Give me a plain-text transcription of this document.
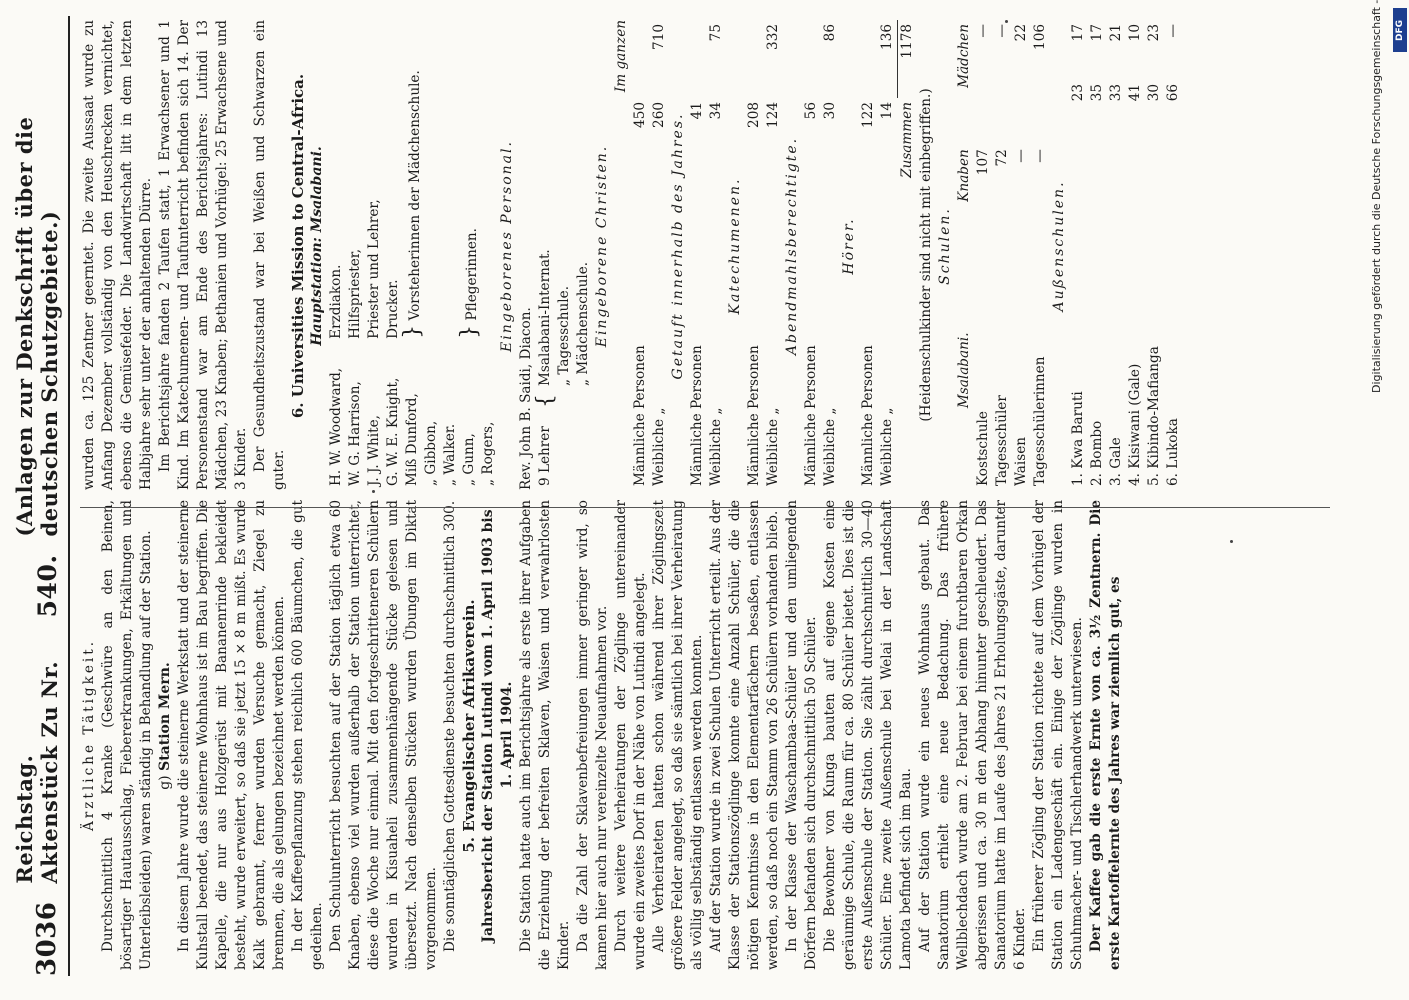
3036
Reichstag. Aktenstück Zu Nr.
540.
(Anlagen zur Denkschrift über die deutschen Schutzgebiete.)

Ärztliche Tätigkeit. Durchschnittlich 4 Kranke (Geschwüre an den Beinen, bösartiger Hautausschlag, Fiebererkrankungen, Erkältungen und Unterleibsleiden) waren ständig in Behandlung auf der Station. g) Station Mern. In diesem Jahre wurde die steinerne Werkstatt und der steinerne Kuhstall beendet, das steinerne Wohnhaus ist im Bau begriffen. Die Kapelle, die nur aus Holzgerüst mit Bananenrinde bekleidet besteht, wurde erweitert, so daß sie jetzt 15 × 8 m mißt. Es wurde Kalk gebrannt, ferner wurden Versuche gemacht, Ziegel zu brennen, die als gelungen bezeichnet werden können. In der Kaffeepflanzung stehen reichlich 600 Bäumchen, die gut gedeihen. Den Schulunterricht besuchten auf der Station täglich etwa 60 Knaben, ebenso viel wurden außerhalb der Station unterrichtet, diese die Woche nur einmal. Mit den fortgeschritteneren Schülern wurden in Kisuaheli zusammenhängende Stücke gelesen und übersetzt. Nach denselben Stücken wurden Übungen im Diktat vorgenommen. Die sonntäglichen Gottesdienste besuchten durchschnittlich 300. 5. Evangelischer Afrikaverein. Jahresbericht der Station Lutindi vom 1. April 1903 bis 1. April 1904. Die Station hatte auch im Berichtsjahre als erste ihrer Aufgaben die Erziehung der befreiten Sklaven, Waisen und verwahrlosten Kinder. Da die Zahl der Sklavenbefreiungen immer geringer wird, so kamen hier auch nur vereinzelte Neuaufnahmen vor. Durch weitere Verheiratungen der Zöglinge untereinander wurde ein zweites Dorf in der Nähe von Lutindi angelegt. Alle Verheirateten hatten schon während ihrer Zöglingszeit größere Felder angelegt, so daß sie sämtlich bei ihrer Verheiratung als völlig selbständig entlassen werden konnten. Auf der Station wurde in zwei Schulen Unterricht erteilt. Aus der Klasse der Stationszöglinge konnte eine Anzahl Schüler, die die nötigen Kenntnisse in den Elementarfächern besaßen, entlassen werden, so daß noch ein Stamm von 26 Schülern vorhanden blieb. In der Klasse der Waschambaa-Schüler und den umliegenden Dörfern befanden sich durchschnittlich 50 Schüler. Die Bewohner von Kunga bauten auf eigene Kosten eine geräumige Schule, die Raum für ca. 80 Schüler bietet. Dies ist die erste Außenschule der Station. Sie zählt durchschnittlich 30—40 Schüler. Eine zweite Außenschule bei Welai in der Landschaft Lamota befindet sich im Bau. Auf der Station wurde ein neues Wohnhaus gebaut. Das Sanatorium erhielt eine neue Bedachung. Das frühere Wellblechdach wurde am 2. Februar bei einem furchtbaren Orkan abgerissen und ca. 30 m den Abhang hinunter geschleudert. Das Sanatorium hatte im Laufe des Jahres 21 Erholungsgäste, darunter 6 Kinder. Ein früherer Zögling der Station richtete auf dem Vorhügel der Station ein Ladengeschäft ein. Einige der Zöglinge wurden in Schuhmacher- und Tischlerhandwerk unterwiesen. Der Kaffee gab die erste Ernte von ca. 3½ Zentnern. Die erste Kartoffelernte des Jahres war ziemlich gut, es

wurden ca. 125 Zentner geerntet. Die zweite Aussaat wurde zu Anfang Dezember vollständig von den Heuschrecken vernichtet, ebenso die Gemüsefelder. Die Landwirtschaft litt in dem letzten Halbjahre sehr unter der anhaltenden Dürre. Im Berichtsjahre fanden 2 Taufen statt, 1 Erwachsener und 1 Kind. Im Katechumenen- und Taufunterricht befinden sich 14. Der Personenstand war am Ende des Berichtsjahres: Lutindi 13 Mädchen, 23 Knaben; Bethanien und Vorhügel: 25 Erwachsene und 3 Kinder. Der Gesundheitszustand war bei Weißen und Schwarzen ein guter.

6. Universities Mission to Central-Africa. Hauptstation: Msalabani.

H. W. Woodward,	Erzdiakon.
W. G. Harrison,	Hilfspriester,
J. J. White,	Priester und Lehrer,
G. W. E. Knight,	Drucker.

Miß Dunford, „ Gibbon, „ Walker.	} Vorsteherinnen der Mädchenschule.

„ Gunn, „ Rogers,	} Pflegerinnen. Eingeborenes Personal.

Rev. John B. Saidi, Diacon. 9 Lehrer	{	
Msalabani-Internat. „ Tagesschule. „ Mädchenschule. Eingeborene Christen.

Im ganzen
Männliche Personen	450	
Weibliche „	260	710

Getauft innerhalb des Jahres.

Männliche Personen	41	
Weibliche „	34	75

Katechumenen.

Männliche Personen	208	
Weibliche „	124	332

Abendmahlsberechtigte.

Männliche Personen	56	
Weibliche „	30	86

Hörer.

Männliche Personen	122	
Weibliche „	14	136
Zusammen		1178

(Heidenschulkinder sind nicht mit einbegriffen.) Schulen.

Msalabani.	Knaben	Mädchen
Kostschule	107	—
Tagesschüler	72	—
Waisen	—	22
Tagesschülerinnen	—	106

Außenschulen.

1. Kwa Baruti	23	17
2. Bombo	35	17
3. Gale	33	21
4. Kisiwani (Gale)	41	10
5. Kibindo-Mafianga	30	23
6. Lukoka	66	—	Digitalisierung gefördert durch die Deutsche Forschungsgemeinschaft -	DFG
